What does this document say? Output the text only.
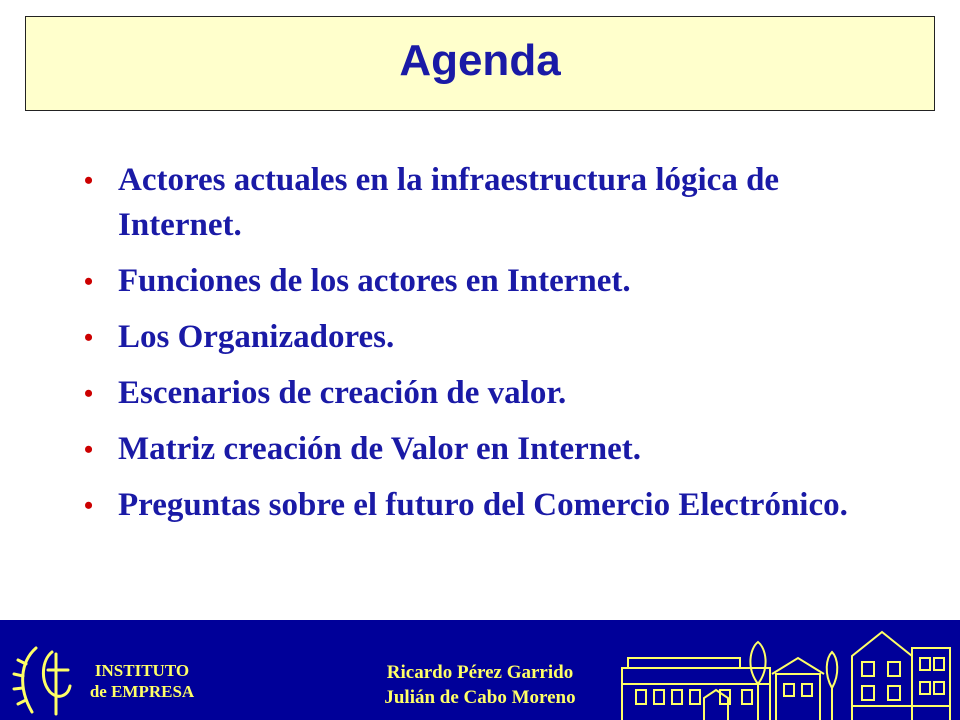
Agenda
• Actores actuales en la infraestructura lógica de Internet.
• Funciones de los actores en Internet.
• Los Organizadores.
• Escenarios de creación de valor.
• Matriz creación de Valor en Internet.
• Preguntas sobre el futuro del Comercio Electrónico.
INSTITUTO
de EMPRESA
Ricardo Pérez Garrido
Julián de Cabo Moreno
